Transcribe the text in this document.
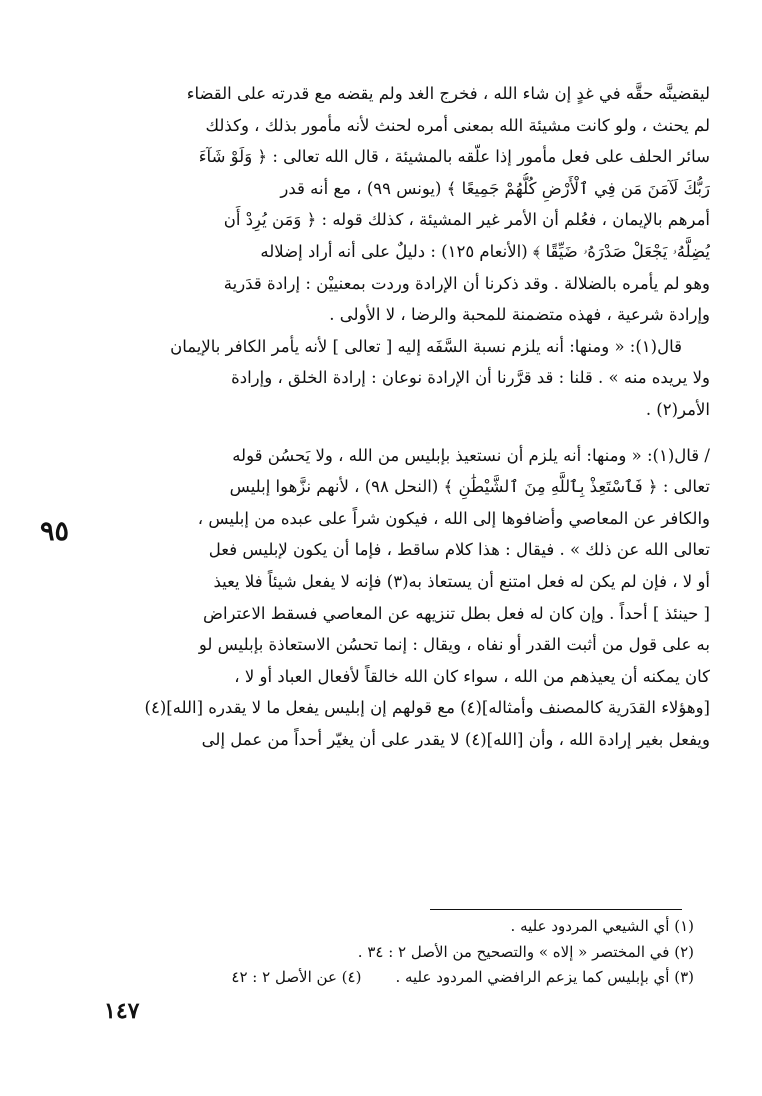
ليقضينَّه حقَّه في غدٍ إن شاء الله ، فخرج الغد ولم يقضه مع قدرته على القضاء
لم يحنث ، ولو كانت مشيئة الله بمعنى أمره لحنث لأنه مأمور بذلك ، وكذلك
سائر الحلف على فعل مأمور إذا علّقه بالمشيئة ، قال الله تعالى : ﴿ وَلَوْ شَآءَ
رَبُّكَ لَآمَنَ مَن فِي ٱلْأَرْضِ كُلُّهُمْ جَمِيعًا ﴾ (يونس ٩٩) ، مع أنه قدر
أمرهم بالإيمان ، فعُلم أن الأمر غير المشيئة ، كذلك قوله : ﴿ وَمَن يُرِدْ أَن
يُضِلَّهُۥ يَجْعَلْ صَدْرَهُۥ ضَيِّقًا ﴾ (الأنعام ١٢٥) : دليلٌ على أنه أراد إضلاله
وهو لم يأمره بالضلالة . وقد ذكرنا أن الإرادة وردت بمعنييْن : إرادة قدَرية
وإرادة شرعية ، فهذه متضمنة للمحبة والرضا ، لا الأولى .
قال(١): « ومنها: أنه يلزم نسبة السَّفَه إليه [ تعالى ] لأنه يأمر الكافر بالإيمان
ولا يريده منه » . قلنا : قد قرَّرنا أن الإرادة نوعان : إرادة الخلق ، وإرادة
الأمر(٢) .
/ قال(١): « ومنها: أنه يلزم أن نستعيذ بإبليس من الله ، ولا يَحسُن قوله
تعالى : ﴿ فَٱسْتَعِذْ بِٱللَّهِ مِنَ ٱلشَّيْطَٰنِ ﴾ (النحل ٩٨) ، لأنهم نزَّهوا إبليس
والكافر عن المعاصي وأضافوها إلى الله ، فيكون شراً على عبده من إبليس ،
تعالى الله عن ذلك » . فيقال : هذا كلام ساقط ، فإما أن يكون لإبليس فعل
أو لا ، فإن لم يكن له فعل امتنع أن يستعاذ به(٣) فإنه لا يفعل شيئاً فلا يعيذ
[ حينئذ ] أحداً . وإن كان له فعل بطل تنزيهه عن المعاصي فسقط الاعتراض
به على قول من أثبت القدر أو نفاه ، ويقال : إنما تحسُن الاستعاذة بإبليس لو
كان يمكنه أن يعيذهم من الله ، سواء كان الله خالقاً لأفعال العباد أو لا ،
[وهؤلاء القدَرية كالمصنف وأمثاله](٤) مع قولهم إن إبليس يفعل ما لا يقدره [الله](٤)
ويفعل بغير إرادة الله ، وأن [الله](٤) لا يقدر على أن يغيّر أحداً من عمل إلى
٩٥
(١) أي الشيعي المردود عليه .
(٢) في المختصر « إلاه » والتصحيح من الأصل ٢ : ٣٤ .
(٣) أي بإبليس كما يزعم الرافضي المردود عليه .(٤) عن الأصل ٢ : ٤٢
١٤٧
